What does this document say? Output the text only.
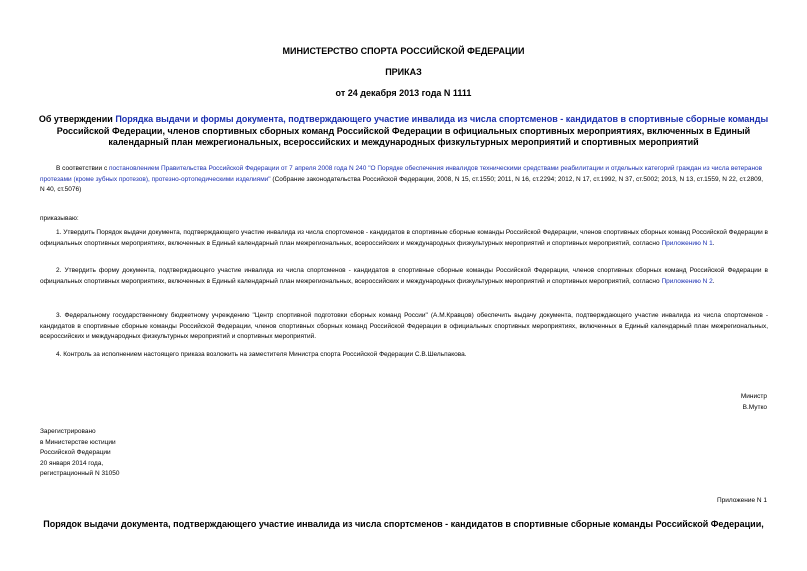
МИНИСТЕРСТВО СПОРТА РОССИЙСКОЙ ФЕДЕРАЦИИ
ПРИКАЗ
от 24 декабря 2013 года N 1111
Об утверждении Порядка выдачи и формы документа, подтверждающего участие инвалида из числа спортсменов - кандидатов в спортивные сборные команды Российской Федерации, членов спортивных сборных команд Российской Федерации в официальных спортивных мероприятиях, включенных в Единый календарный план межрегиональных, всероссийских и международных физкультурных мероприятий и спортивных мероприятий
В соответствии с постановлением Правительства Российской Федерации от 7 апреля 2008 года N 240 "О Порядке обеспечения инвалидов техническими средствами реабилитации и отдельных категорий граждан из числа ветеранов протезами (кроме зубных протезов), протезно-ортопедическими изделиями" (Собрание законодательства Российской Федерации, 2008, N 15, ст.1550; 2011, N 16, ст.2294; 2012, N 17, ст.1992, N 37, ст.5002; 2013, N 13, ст.1559, N 22, ст.2809, N 40, ст.5076)
приказываю:
1. Утвердить Порядок выдачи документа, подтверждающего участие инвалида из числа спортсменов - кандидатов в спортивные сборные команды Российской Федерации, членов спортивных сборных команд Российской Федерации в официальных спортивных мероприятиях, включенных в Единый календарный план межрегиональных, всероссийских и международных физкультурных мероприятий и спортивных мероприятий, согласно Приложению N 1.
2. Утвердить форму документа, подтверждающего участие инвалида из числа спортсменов - кандидатов в спортивные сборные команды Российской Федерации, членов спортивных сборных команд Российской Федерации в официальных спортивных мероприятиях, включенных в Единый календарный план межрегиональных, всероссийских и международных физкультурных мероприятий и спортивных мероприятий, согласно Приложению N 2.
3. Федеральному государственному бюджетному учреждению "Центр спортивной подготовки сборных команд России" (А.М.Кравцов) обеспечить выдачу документа, подтверждающего участие инвалида из числа спортсменов - кандидатов в спортивные сборные команды Российской Федерации, членов спортивных сборных команд Российской Федерации в официальных спортивных мероприятиях, включенных в Единый календарный план межрегиональных, всероссийских и международных физкультурных мероприятий и спортивных мероприятий.
4. Контроль за исполнением настоящего приказа возложить на заместителя Министра спорта Российской Федерации С.В.Шельпакова.
Министр
В.Мутко
Зарегистрировано
в Министерстве юстиции
Российской Федерации
20 января 2014 года,
регистрационный N 31050
Приложение N 1
Порядок выдачи документа, подтверждающего участие инвалида из числа спортсменов - кандидатов в спортивные сборные команды Российской Федерации,
